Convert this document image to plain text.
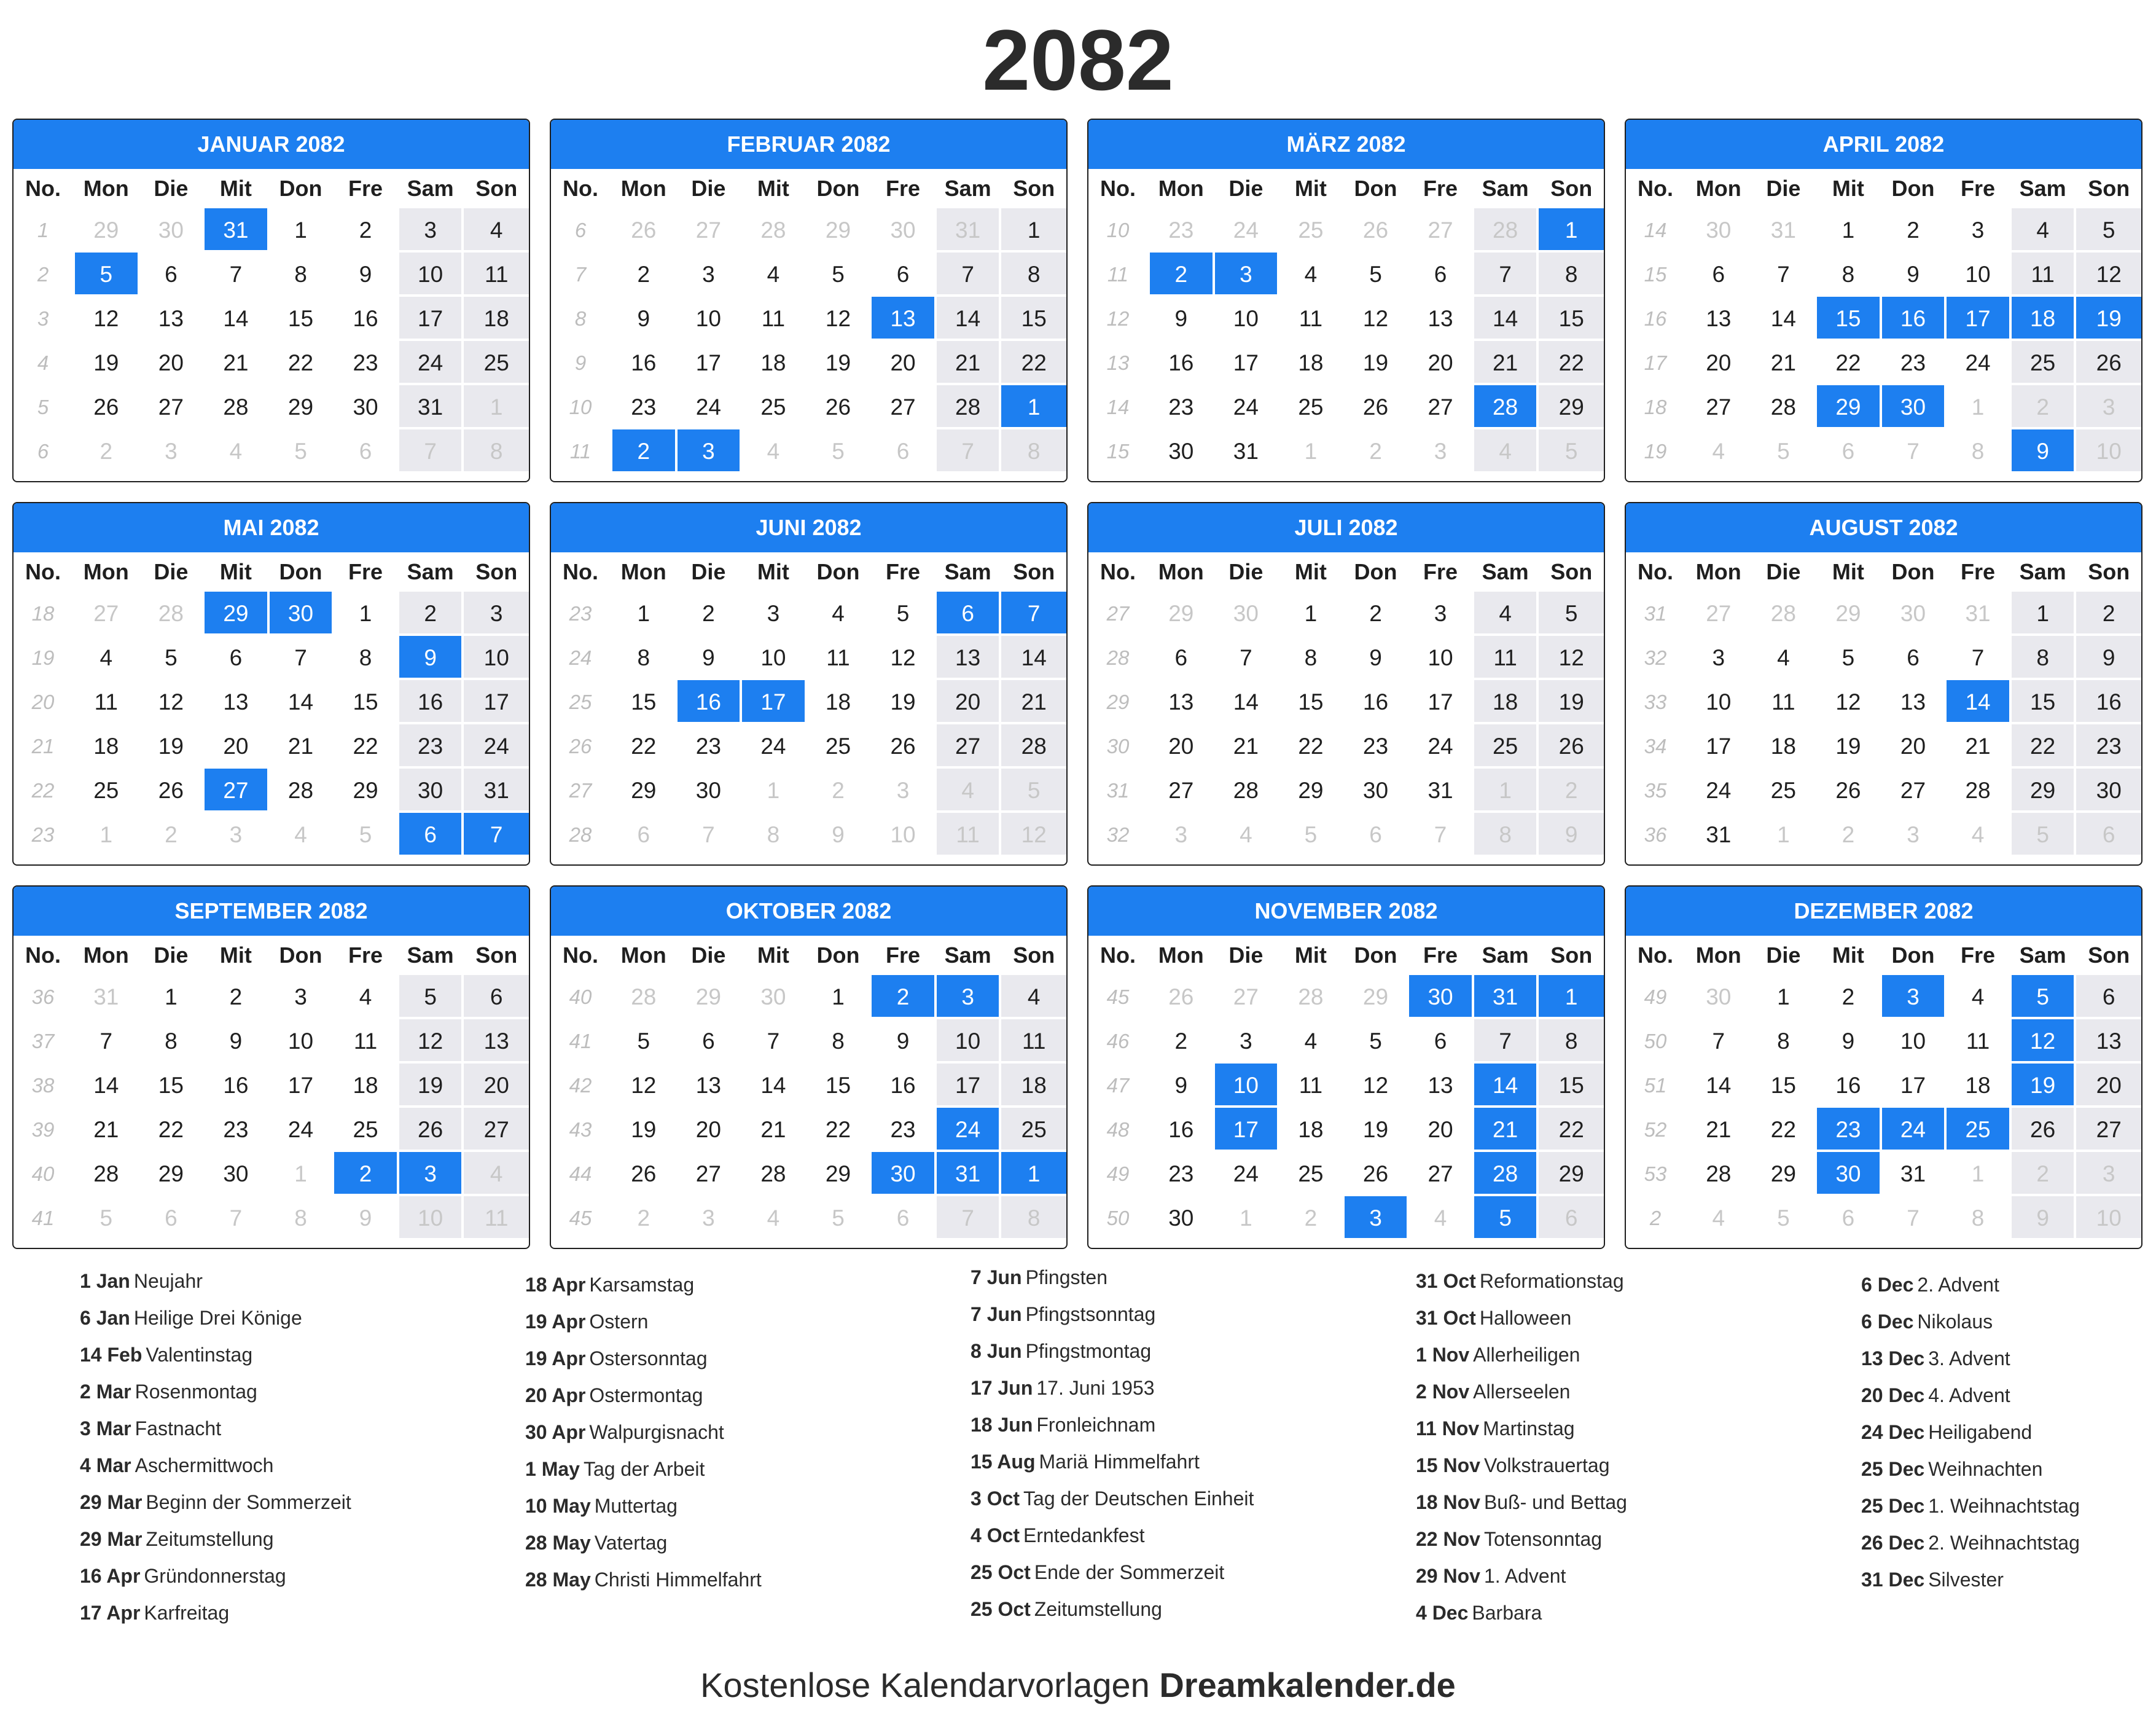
2082
JANUAR 2082
No.	Mon	Die	Mit	Don	Fre	Sam Son
1	29	30	31	1	2	3	4
2	5	6	7	8	9	10	11
3	12	13	14	15	16	17	18
4	19	20	21	22	23	24	25
5	26	27	28	29	30	31	1
6	2	3	4	5	6	7	8
FEBRUAR 2082
No.	Mon	Die	Mit	Don	Fre	Sam Son
6	26	27	28	29	30	31	1
7	2	3	4	5	6	7	8
8	9	10	11	12	13	14	15
9	16	17	18	19	20	21	22
10	23	24	25	26	27	28	1
11	2	3	4	5	6	7	8
MÄRZ 2082
No.	Mon	Die	Mit	Don	Fre	Sam Son
10	23	24	25	26	27	28	1
11	2	3	4	5	6	7	8
12	9	10	11	12	13	14	15
13	16	17	18	19	20	21	22
14	23	24	25	26	27	28	29
15	30	31	1	2	3	4	5
APRIL 2082
No.	Mon	Die	Mit	Don	Fre	Sam Son
14	30	31	1	2	3	4	5
15	6	7	8	9	10	11	12
16	13	14	15	16	17	18	19
17	20	21	22	23	24	25	26
18	27	28	29	30	1	2	3
19	4	5	6	7	8	9	10
MAI 2082
No.	Mon	Die	Mit	Don	Fre	Sam Son
18	27	28	29	30	1	2	3
19	4	5	6	7	8	9	10
20	11	12	13	14	15	16	17
21	18	19	20	21	22	23	24
22	25	26	27	28	29	30	31
23	1	2	3	4	5	6	7
JUNI 2082
No.	Mon	Die	Mit	Don	Fre	Sam Son
23	1	2	3	4	5	6	7
24	8	9	10	11	12	13	14
25	15	16	17	18	19	20	21
26	22	23	24	25	26	27	28
27	29	30	1	2	3	4	5
28	6	7	8	9	10	11	12
JULI 2082
No.	Mon	Die	Mit	Don	Fre	Sam Son
27	29	30	1	2	3	4	5
28	6	7	8	9	10	11	12
29	13	14	15	16	17	18	19
30	20	21	22	23	24	25	26
31	27	28	29	30	31	1	2
32	3	4	5	6	7	8	9
AUGUST 2082
No.	Mon	Die	Mit	Don	Fre	Sam Son
31	27	28	29	30	31	1	2
32	3	4	5	6	7	8	9
33	10	11	12	13	14	15	16
34	17	18	19	20	21	22	23
35	24	25	26	27	28	29	30
36	31	1	2	3	4	5	6
SEPTEMBER 2082
No.	Mon	Die	Mit	Don	Fre	Sam Son
36	31	1	2	3	4	5	6
37	7	8	9	10	11	12	13
38	14	15	16	17	18	19	20
39	21	22	23	24	25	26	27
40	28	29	30	1	2	3	4
41	5	6	7	8	9	10	11
OKTOBER 2082
No.	Mon	Die	Mit	Don	Fre	Sam Son
40	28	29	30	1	2	3	4
41	5	6	7	8	9	10	11
42	12	13	14	15	16	17	18
43	19	20	21	22	23	24	25
44	26	27	28	29	30	31	1
45	2	3	4	5	6	7	8
NOVEMBER 2082
No.	Mon	Die	Mit	Don	Fre	Sam Son
45	26	27	28	29	30	31	1
46	2	3	4	5	6	7	8
47	9	10	11	12	13	14	15
48	16	17	18	19	20	21	22
49	23	24	25	26	27	28	29
50	30	1	2	3	4	5	6
DEZEMBER 2082
No.	Mon	Die	Mit	Don	Fre	Sam Son
49	30	1	2	3	4	5	6
50	7	8	9	10	11	12	13
51	14	15	16	17	18	19	20
52	21	22	23	24	25	26	27
53	28	29	30	31	1	2	3
2	4	5	6	7	8	9	10
1 Jan Neujahr
6 Jan Heilige Drei Könige
14 Feb Valentinstag
2 Mar Rosenmontag
3 Mar Fastnacht
4 Mar Aschermittwoch
29 Mar Beginn der Sommerzeit
29 Mar Zeitumstellung
16 Apr Gründonnerstag
17 Apr Karfreitag
18 Apr Karsamstag
19 Apr Ostern
19 Apr Ostersonntag
20 Apr Ostermontag
30 Apr Walpurgisnacht
1 May Tag der Arbeit
10 May Muttertag
28 May Vatertag
28 May Christi Himmelfahrt
7 Jun Pfingsten
7 Jun Pfingstsonntag
8 Jun Pfingstmontag
17 Jun 17. Juni 1953
18 Jun Fronleichnam
15 Aug Mariä Himmelfahrt
3 Oct Tag der Deutschen Einheit
4 Oct Erntedankfest
25 Oct Ende der Sommerzeit
25 Oct Zeitumstellung
31 Oct Reformationstag
31 Oct Halloween
1 Nov Allerheiligen
2 Nov Allerseelen
11 Nov Martinstag
15 Nov Volkstrauertag
18 Nov Buß- und Bettag
22 Nov Totensonntag
29 Nov 1. Advent
4 Dec Barbara
6 Dec 2. Advent
6 Dec Nikolaus
13 Dec 3. Advent
20 Dec 4. Advent
24 Dec Heiligabend
25 Dec Weihnachten
25 Dec 1. Weihnachtstag
26 Dec 2. Weihnachtstag
31 Dec Silvester
Kostenlose Kalendarvorlagen Dreamkalender.de
